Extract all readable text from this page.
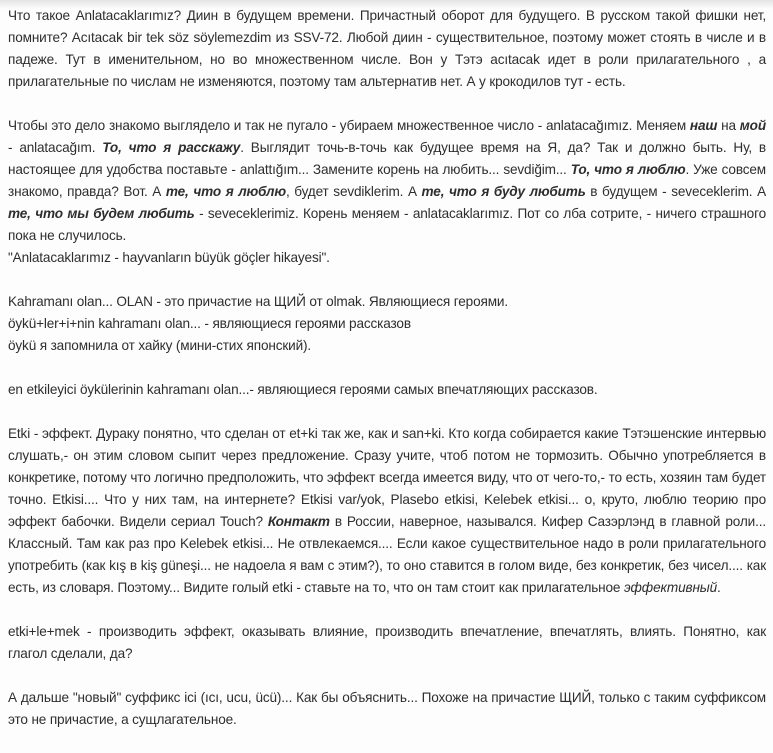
Что такое Anlatacaklarımız? Диин в будущем времени. Причастный оборот для будущего. В русском такой фишки нет, помните? Acıtacak bir tek söz söylemezdim из SSV-72. Любой диин - существительное, поэтому может стоять в числе и в падеже. Тут в именительном, но во множественном числе. Вон у Тэтэ acıtacak идет в роли прилагательного , а прилагательные по числам не изменяются, поэтому там альтернатив нет. А у крокодилов тут - есть.

Чтобы это дело знакомо выглядело и так не пугало - убираем множественное число - anlatacağımız. Меняем наш на мой - anlatacağım. То, что я расскажу. Выглядит точь-в-точь как будущее время на Я, да? Так и должно быть. Ну, в настоящее для удобства поставьте - anlattığım... Замените корень на любить... sevdiğim... То, что я люблю. Уже совсем знакомо, правда? Вот. А те, что я люблю, будет sevdiklerim. А те, что я буду любить в будущем - seveceklerim. А те, что мы будем любить - seveceklerimiz. Корень меняем - anlatacaklarımız. Пот со лба сотрите, - ничего страшного пока не случилось.
"Anlatacaklarımız - hayvanların büyük göçler hikayesi".

Kahramanı olan... OLAN - это причастие на ЩИЙ от olmak. Являющиеся героями.
öykü+ler+i+nin kahramanı olan... - являющиеся героями рассказов
öykü я запомнила от хайку (мини-стих японский).

en etkileyici öykülerinin kahramanı olan...- являющиеся героями самых впечатляющих рассказов.

Etki - эффект. Дураку понятно, что сделан от et+ki так же, как и san+ki. Кто когда собирается какие Тэтэшенские интервью слушать,- он этим словом сыпит через предложение. Сразу учите, чтоб потом не тормозить. Обычно употребляется в конкретике, потому что логично предположить, что эффект всегда имеется виду, что от чего-то,- то есть, хозяин там будет точно. Etkisi.... Что у них там, на интернете? Etkisi var/yok, Plasebo etkisi, Kelebek etkisi... о, круто, люблю теорию про эффект бабочки. Видели сериал Touch? Контакт в России, наверное, назывался. Кифер Сазэрлэнд в главной роли... Классный. Там как раз про Kelebek etkisi... Не отвлекаемся.... Если какое существительное надо в роли прилагательного употребить (как kış в kiş güneşi... не надоела я вам с этим?), то оно ставится в голом виде, без конкретик, без чисел.... как есть, из словаря. Поэтому... Видите голый etki - ставьте на то, что он там стоит как прилагательное эффективный.

etki+le+mek - производить эффект, оказывать влияние, производить впечатление, впечатлять, влиять. Понятно, как глагол сделали, да?

А дальше "новый" суффикс ici (ıcı, ucu, ücü)... Как бы объяснить... Похоже на причастие ЩИЙ, только с таким суффиксом это не причастие, а сущлагательное.
